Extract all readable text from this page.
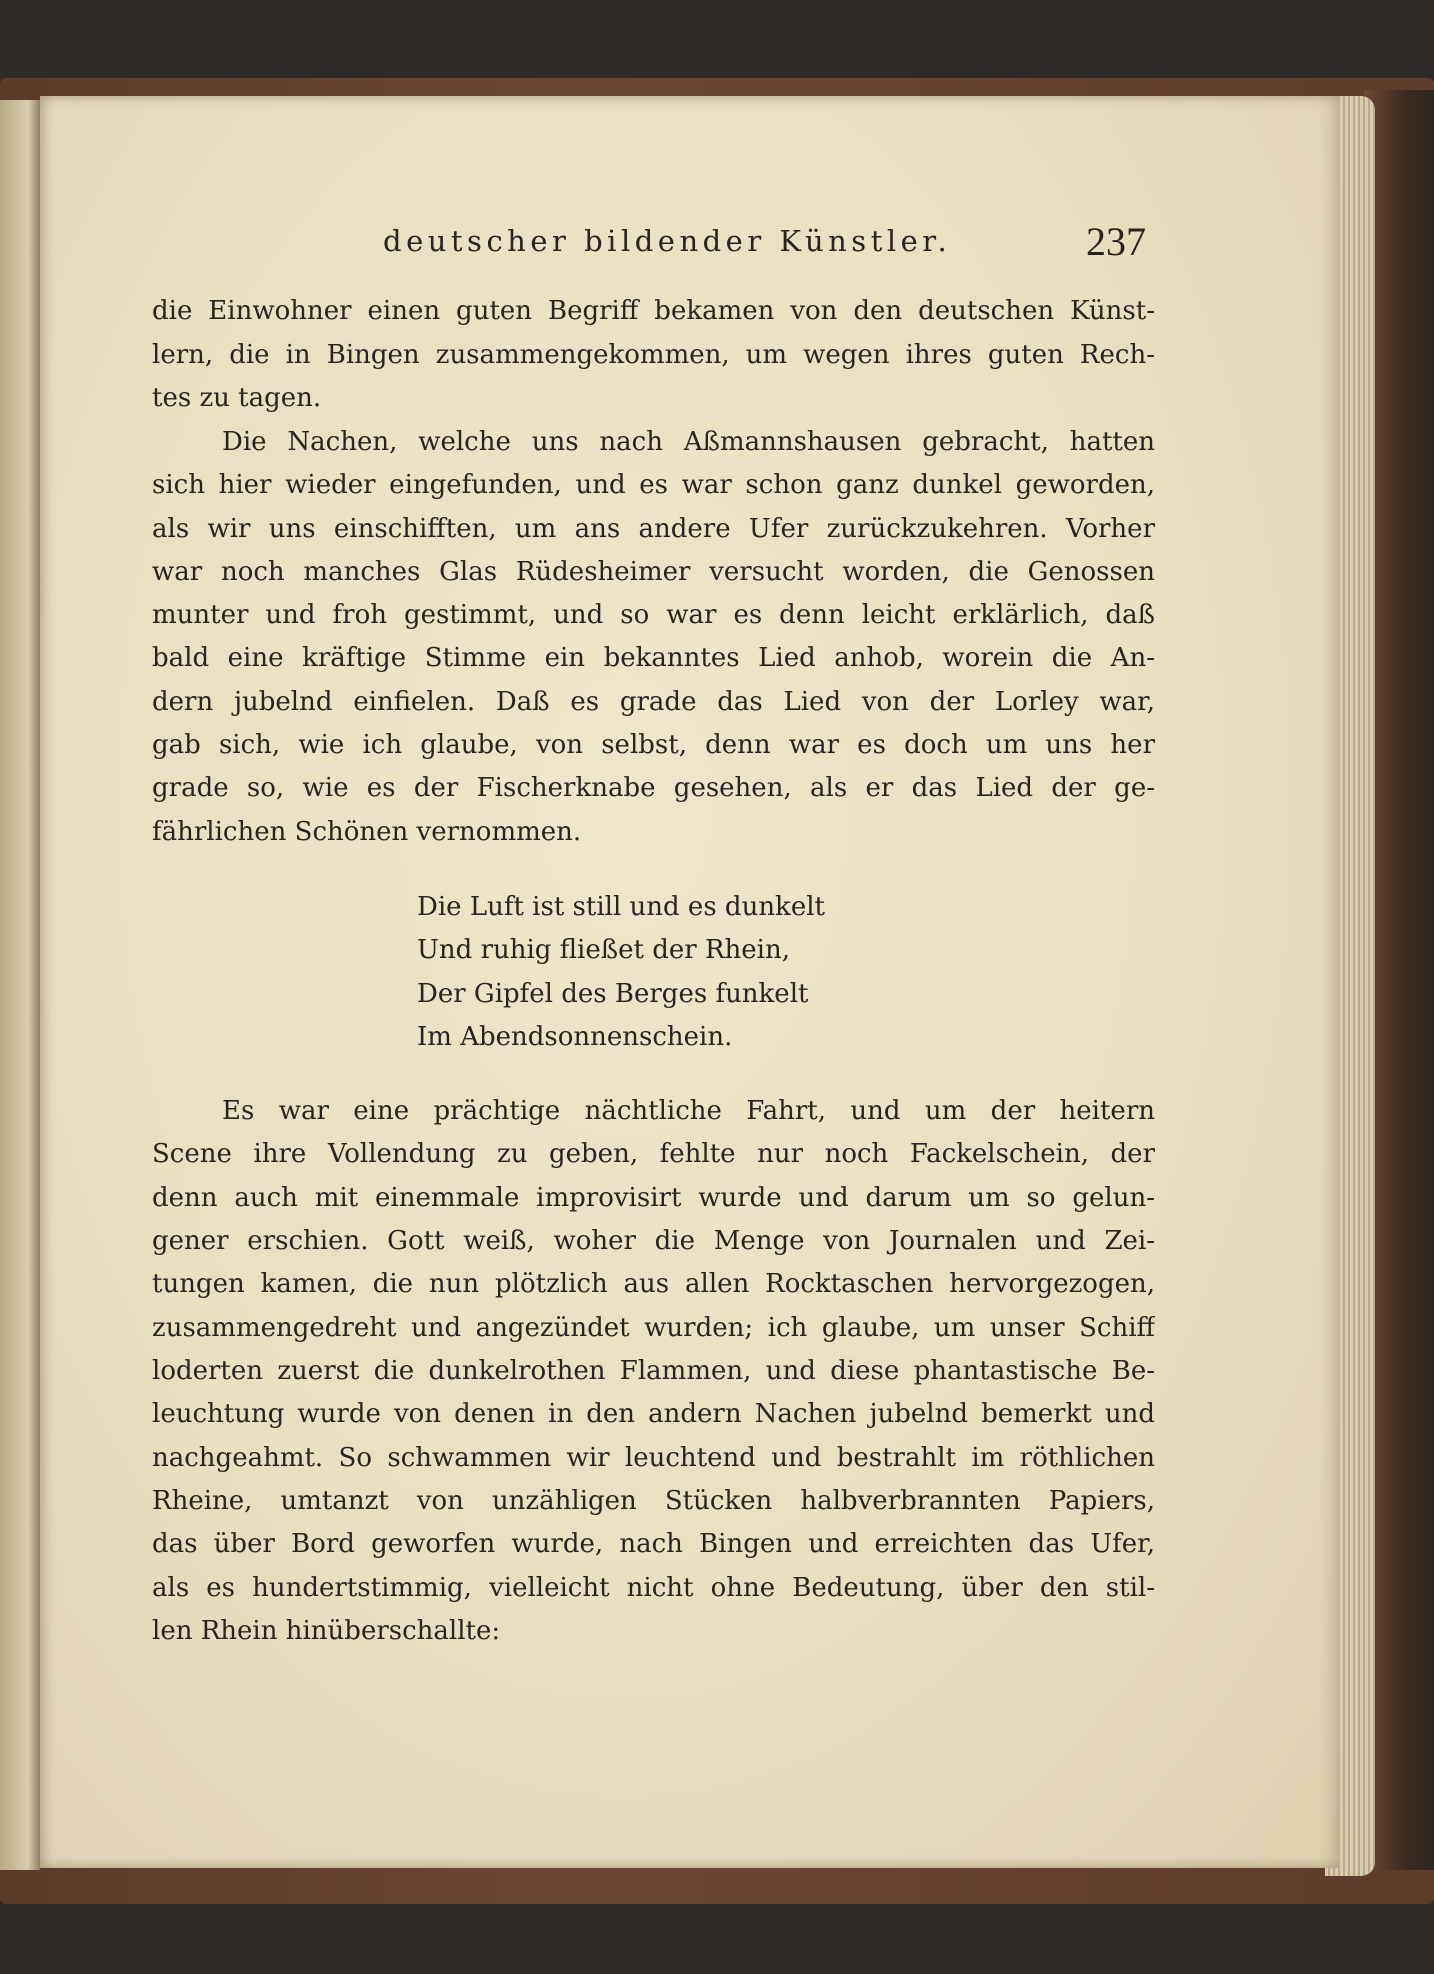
deutscher bildender Künstler.	237
die Einwohner einen guten Begriff bekamen von den deutschen Künst-
lern, die in Bingen zusammengekommen, um wegen ihres guten Rech-
tes zu tagen.
Die Nachen, welche uns nach Aßmannshausen gebracht, hatten
sich hier wieder eingefunden, und es war schon ganz dunkel geworden,
als wir uns einschifften, um ans andere Ufer zurückzukehren. Vorher
war noch manches Glas Rüdesheimer versucht worden, die Genossen
munter und froh gestimmt, und so war es denn leicht erklärlich, daß
bald eine kräftige Stimme ein bekanntes Lied anhob, worein die An-
dern jubelnd einfielen. Daß es grade das Lied von der Lorley war,
gab sich, wie ich glaube, von selbst, denn war es doch um uns her
grade so, wie es der Fischerknabe gesehen, als er das Lied der ge-
fährlichen Schönen vernommen.
Die Luft ist still und es dunkelt
Und ruhig fließet der Rhein,
Der Gipfel des Berges funkelt
Im Abendsonnenschein.
Es war eine prächtige nächtliche Fahrt, und um der heitern
Scene ihre Vollendung zu geben, fehlte nur noch Fackelschein, der
denn auch mit einemmale improvisirt wurde und darum um so gelun-
gener erschien. Gott weiß, woher die Menge von Journalen und Zei-
tungen kamen, die nun plötzlich aus allen Rocktaschen hervorgezogen,
zusammengedreht und angezündet wurden; ich glaube, um unser Schiff
loderten zuerst die dunkelrothen Flammen, und diese phantastische Be-
leuchtung wurde von denen in den andern Nachen jubelnd bemerkt und
nachgeahmt. So schwammen wir leuchtend und bestrahlt im röthlichen
Rheine, umtanzt von unzähligen Stücken halbverbrannten Papiers,
das über Bord geworfen wurde, nach Bingen und erreichten das Ufer,
als es hundertstimmig, vielleicht nicht ohne Bedeutung, über den stil-
len Rhein hinüberschallte:
